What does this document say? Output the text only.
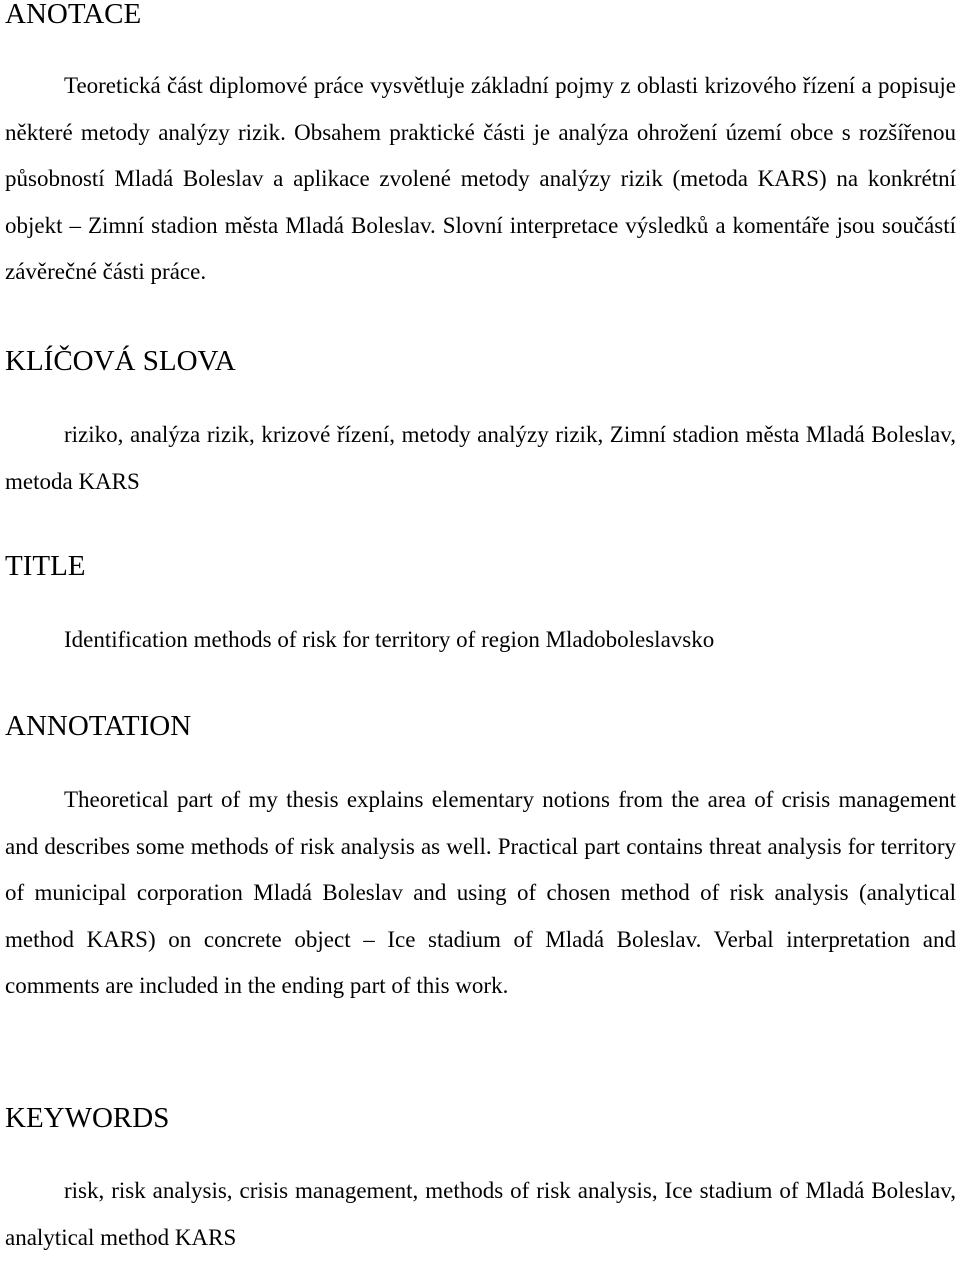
ANOTACE

Teoretická část diplomové práce vysvětluje základní pojmy z oblasti krizového řízení a popisuje některé metody analýzy rizik. Obsahem praktické části je analýza ohrožení území obce s rozšířenou působností Mladá Boleslav a aplikace zvolené metody analýzy rizik (metoda KARS) na konkrétní objekt – Zimní stadion města Mladá Boleslav. Slovní interpretace výsledků a komentáře jsou součástí závěrečné části práce.

KLÍČOVÁ SLOVA

riziko, analýza rizik, krizové řízení, metody analýzy rizik, Zimní stadion města Mladá Boleslav, metoda KARS

TITLE

Identification methods of risk for territory of region Mladoboleslavsko

ANNOTATION

Theoretical part of my thesis explains elementary notions from the area of crisis management and describes some methods of risk analysis as well. Practical part contains threat analysis for territory of municipal corporation Mladá Boleslav and using of chosen method of risk analysis (analytical method KARS) on concrete object – Ice stadium of Mladá Boleslav. Verbal interpretation and comments are included in the ending part of this work.

KEYWORDS

risk, risk analysis, crisis management, methods of risk analysis, Ice stadium of Mladá Boleslav, analytical method KARS
